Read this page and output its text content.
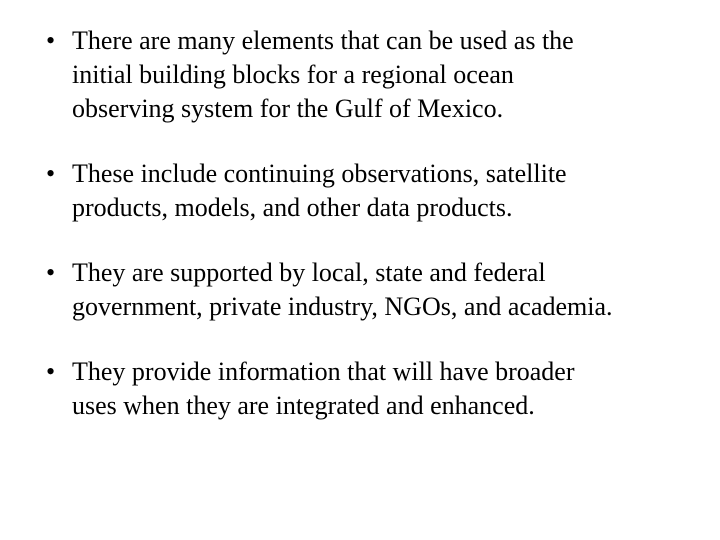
• There are many elements that can be used as the
initial building blocks for a regional ocean
observing system for the Gulf of Mexico.
• These include continuing observations, satellite
products, models, and other data products.
• They are supported by local, state and federal
government, private industry, NGOs, and academia.
• They provide information that will have broader
uses when they are integrated and enhanced.
